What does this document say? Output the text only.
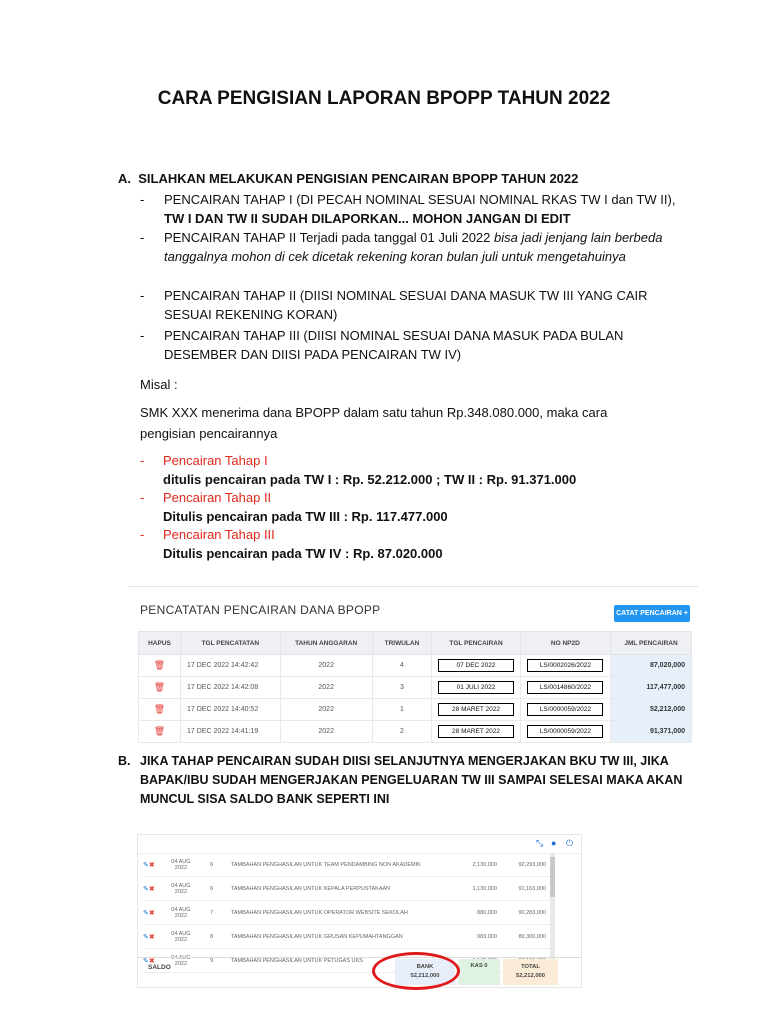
CARA PENGISIAN LAPORAN BPOPP TAHUN 2022
A. SILAHKAN MELAKUKAN PENGISIAN PENCAIRAN BPOPP TAHUN 2022
- PENCAIRAN TAHAP I (DI PECAH NOMINAL SESUAI NOMINAL RKAS TW I dan TW II),
TW I DAN TW II SUDAH DILAPORKAN... MOHON JANGAN DI EDIT
- PENCAIRAN TAHAP II Terjadi pada tanggal 01 Juli 2022 bisa jadi jenjang lain berbeda tanggalnya mohon di cek dicetak rekening koran bulan juli untuk mengetahuinya
- PENCAIRAN TAHAP II (DIISI NOMINAL SESUAI DANA MASUK TW III YANG CAIR SESUAI REKENING KORAN)
- PENCAIRAN TAHAP III (DIISI NOMINAL SESUAI DANA MASUK PADA BULAN DESEMBER DAN DIISI PADA PENCAIRAN TW IV)
Misal :
SMK XXX menerima dana BPOPP dalam satu tahun Rp.348.080.000, maka cara pengisian pencairannya
- Pencairan Tahap I
ditulis pencairan pada TW I : Rp. 52.212.000 ; TW II : Rp. 91.371.000
- Pencairan Tahap II
Ditulis pencairan pada TW III : Rp. 117.477.000
- Pencairan Tahap III
Ditulis pencairan pada TW IV : Rp. 87.020.000
PENCATATAN PENCAIRAN DANA BPOPP	CATAT PENCAIRAN +
HAPUS	TGL PENCATATAN	TAHUN ANGGARAN	TRIWULAN	TGL PENCAIRAN	NO NP2D	JML PENCAIRAN
🗑	17 DEC 2022 14:42:42	2022	4	07 DEC 2022	LS/0002026/2022	87,020,000
🗑	17 DEC 2022 14:42:08	2022	3	01 JULI 2022	LS/0014860/2022	117,477,000
🗑	17 DEC 2022 14:40:52	2022	1	28 MARET 2022	LS/0000059/2022	52,212,000
🗑	17 DEC 2022 14:41:19	2022	2	28 MARET 2022	LS/0000059/2022	91,371,000
B. JIKA TAHAP PENCAIRAN SUDAH DIISI SELANJUTNYA MENGERJAKAN BKU TW III, JIKA BAPAK/IBU SUDAH MENGERJAKAN PENGELUARAN TW III SAMPAI SELESAI MAKA AKAN MUNCUL SISA SALDO BANK SEPERTI INI
⤡ ● ⏻
✎✖	04 AUG 2022	6	TAMBAHAN PENGHASILAN UNTUK TEAM PENDAMBING NON AKADEMIK	2,130,000	92,293,000
✎✖	04 AUG 2022	6	TAMBAHAN PENGHASILAN UNTUK KEPALA PERPUSTAKAAN	1,130,000	91,163,000
✎✖	04 AUG 2022	7	TAMBAHAN PENGHASILAN UNTUK OPERATOR WEBSITE SEKOLAH	880,000	90,283,000
✎✖	04 AUG 2022	8	TAMBAHAN PENGHASILAN UNTUK GRUSAN KEPUMAHTANGGAN	983,000	89,300,000
✎✖	04 AUG 2022	9	TAMBAHAN PENGHASILAN UNTUK PETUGAS UKS		
SALDO	BANK
52,212,000
KAS 0	TOTAL
52,212,000
